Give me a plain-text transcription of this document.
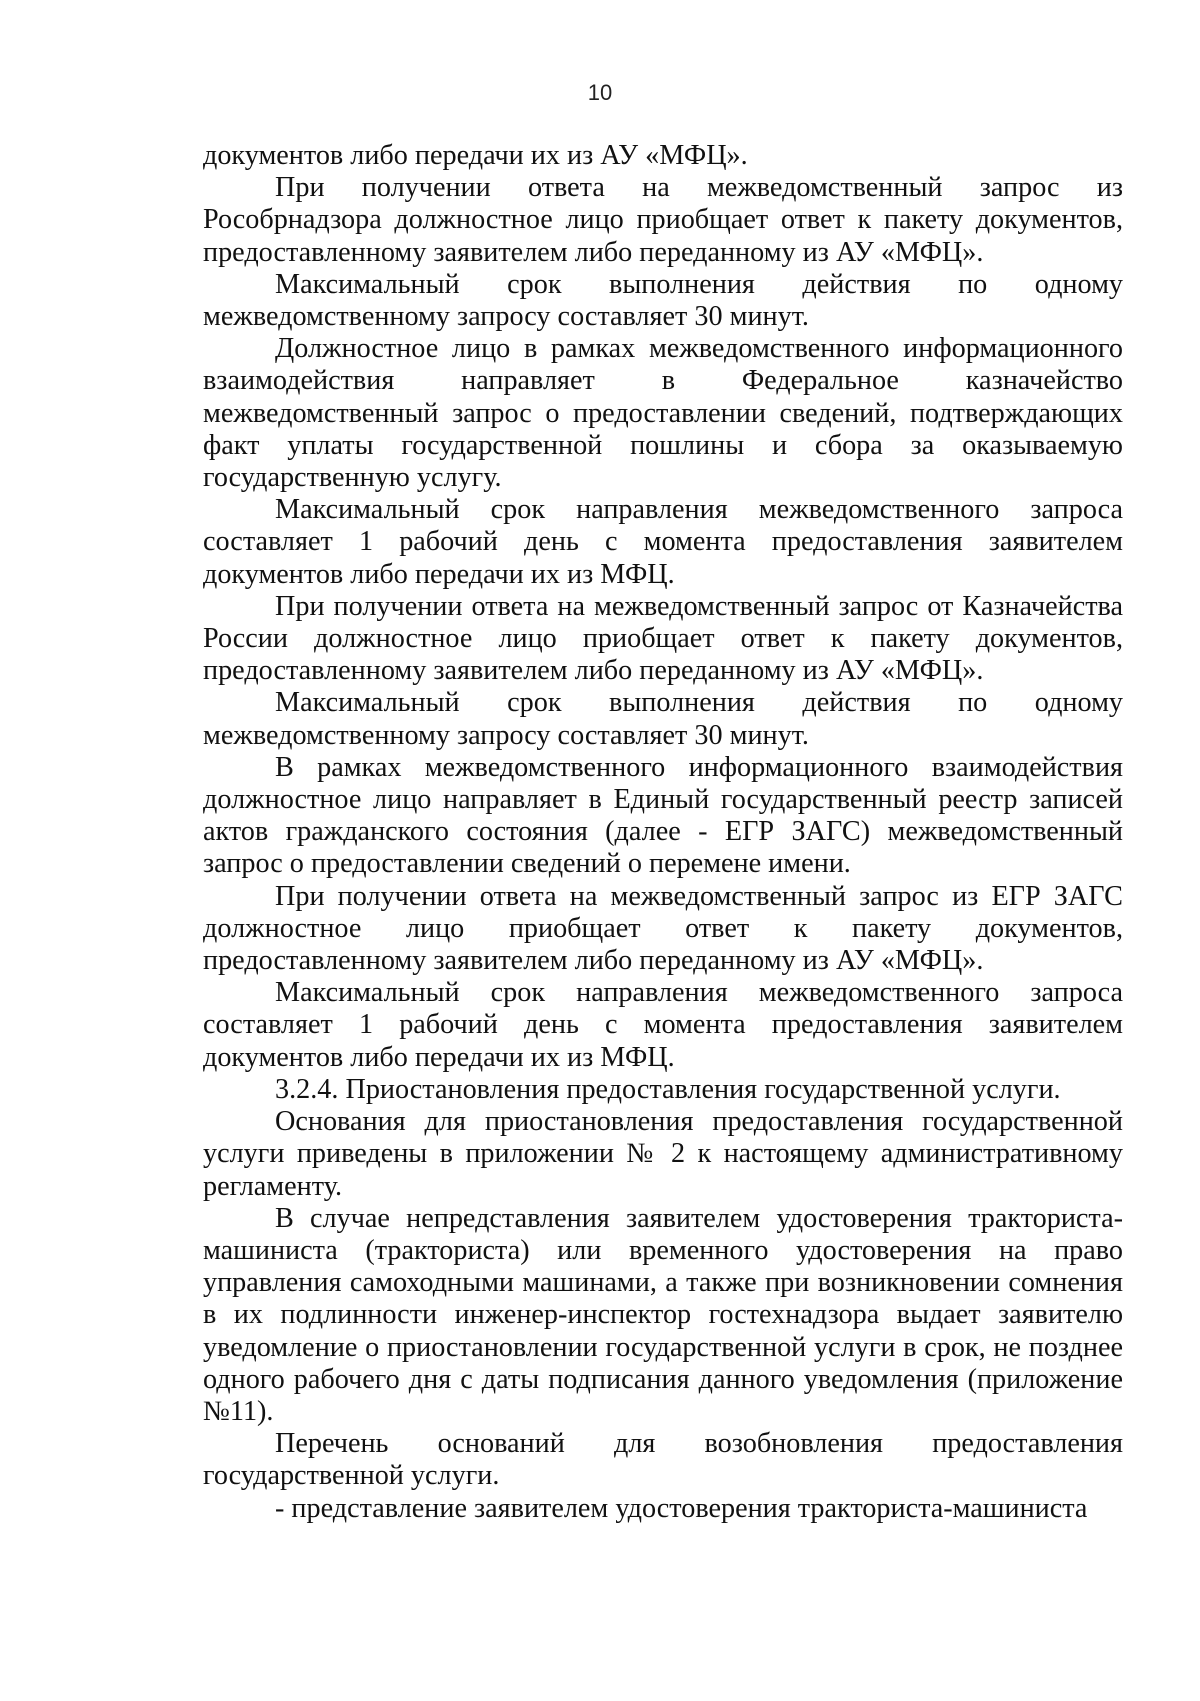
10

документов либо передачи их из АУ «МФЦ».

При получении ответа на межведомственный запрос из Рособрнадзора должностное лицо приобщает ответ к пакету документов, предоставленному заявителем либо переданному из АУ «МФЦ».

Максимальный срок выполнения действия по одному межведомственному запросу составляет 30 минут.

Должностное лицо в рамках межведомственного информационного взаимодействия направляет в Федеральное казначейство межведомственный запрос о предоставлении сведений, подтверждающих факт уплаты государственной пошлины и сбора за оказываемую государственную услугу.

Максимальный срок направления межведомственного запроса составляет 1 рабочий день с момента предоставления заявителем документов либо передачи их из МФЦ.

При получении ответа на межведомственный запрос от Казначейства России должностное лицо приобщает ответ к пакету документов, предоставленному заявителем либо переданному из АУ «МФЦ».

Максимальный срок выполнения действия по одному межведомственному запросу составляет 30 минут.

В рамках межведомственного информационного взаимодействия должностное лицо направляет в Единый государственный реестр записей актов гражданского состояния (далее - ЕГР ЗАГС) межведомственный запрос о предоставлении сведений о перемене имени.

При получении ответа на межведомственный запрос из ЕГР ЗАГС должностное лицо приобщает ответ к пакету документов, предоставленному заявителем либо переданному из АУ «МФЦ».

Максимальный срок направления межведомственного запроса составляет 1 рабочий день с момента предоставления заявителем документов либо передачи их из МФЦ.

3.2.4. Приостановления предоставления государственной услуги.

Основания для приостановления предоставления государственной услуги приведены в приложении № 2 к настоящему административному регламенту.

В случае непредставления заявителем удостоверения тракториста-машиниста (тракториста) или временного удостоверения на право управления самоходными машинами, а также при возникновении сомнения в их подлинности инженер-инспектор гостехнадзора выдает заявителю уведомление о приостановлении государственной услуги в срок, не позднее одного рабочего дня с даты подписания данного уведомления (приложение №11).

Перечень оснований для возобновления предоставления государственной услуги.

- представление заявителем удостоверения тракториста-машиниста
